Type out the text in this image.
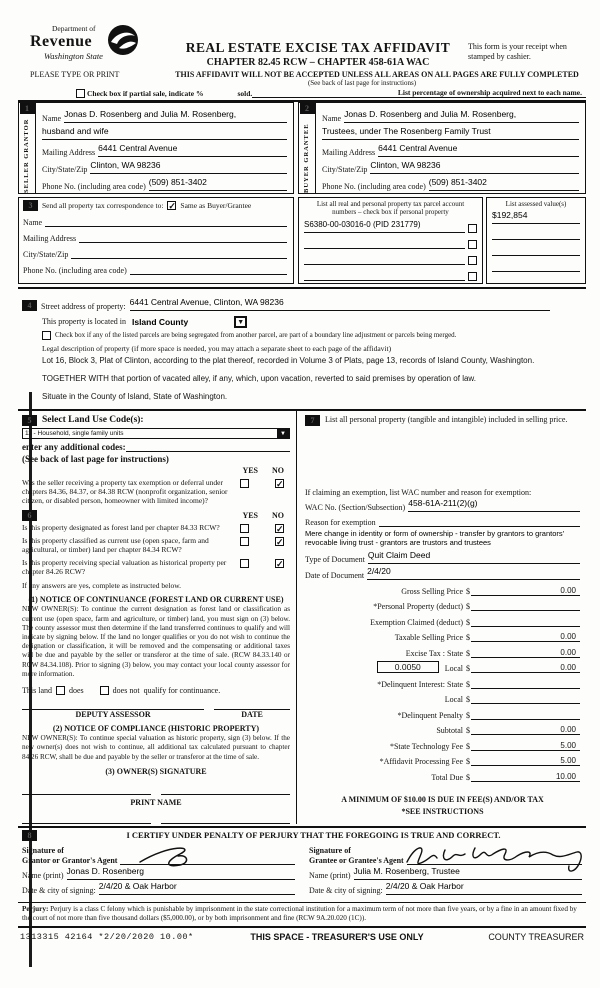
Department of
Revenue
Washington State
REAL ESTATE EXCISE TAX AFFIDAVIT
CHAPTER 82.45 RCW – CHAPTER 458-61A WAC
This form is your receipt when stamped by cashier.
PLEASE TYPE OR PRINT	THIS AFFIDAVIT WILL NOT BE ACCEPTED UNLESS ALL AREAS ON ALL PAGES ARE FULLY COMPLETED
(See back of last page for instructions)
Check box if partial sale, indicate %	sold.	List percentage of ownership acquired next to each name.
1
SELLER GRANTOR
Name Jonas D. Rosenberg and Julia M. Rosenberg,
husband and wife
Mailing Address 6441 Central Avenue
City/State/Zip Clinton, WA 98236
Phone No. (including area code) (509) 851-3402
2
BUYER GRANTEE
Name Jonas D. Rosenberg and Julia M. Rosenberg,
Trustees, under The Rosenberg Family Trust
Mailing Address 6441 Central Avenue
City/State/Zip Clinton, WA 98236
Phone No. (including area code) (509) 851-3402
3	Send all property tax correspondence to: ✓ Same as Buyer/Grantee
Name
Mailing Address
City/State/Zip
Phone No. (including area code)
List all real and personal property tax parcel account
numbers – check box if personal property
S6380-00-03016-0 (PID 231779)
List assessed value(s)
$192,854
4	Street address of property: 6441 Central Avenue, Clinton, WA 98236
This property is located in Island County	▼
Check box if any of the listed parcels are being segregated from another parcel, are part of a boundary line adjustment or parcels being merged.
Legal description of property (if more space is needed, you may attach a separate sheet to each page of the affidavit)
Lot 16, Block 3, Plat of Clinton, according to the plat thereof, recorded in Volume 3 of Plats, page 13, records of Island County, Washington.
TOGETHER WITH that portion of vacated alley, if any, which, upon vacation, reverted to said premises by operation of law.
Situate in the County of Island, State of Washington.
5	Select Land Use Code(s):
11 - Household, single family units	▼
enter any additional codes:
(See back of last page for instructions)
YES NO
Was the seller receiving a property tax exemption or deferral under chapters 84.36, 84.37, or 84.38 RCW (nonprofit organization, senior citizen, or disabled person, homeowner with limited income)?
✓
6	YES NO
Is this property designated as forest land per chapter 84.33 RCW?	✓
Is this property classified as current use (open space, farm and agricultural, or timber) land per chapter 84.34 RCW?
✓
Is this property receiving special valuation as historical property per chapter 84.26 RCW?
✓
If any answers are yes, complete as instructed below.
(1) NOTICE OF CONTINUANCE (FOREST LAND OR CURRENT USE)
NEW OWNER(S): To continue the current designation as forest land or classification as current use (open space, farm and agriculture, or timber) land, you must sign on (3) below. The county assessor must then determine if the land transferred continues to qualify and will indicate by signing below. If the land no longer qualifies or you do not wish to continue the designation or classification, it will be removed and the compensating or additional taxes will be due and payable by the seller or transferor at the time of sale. (RCW 84.33.140 or RCW 84.34.108). Prior to signing (3) below, you may contact your local county assessor for more information.
This land does	does not qualify for continuance.
DEPUTY ASSESSOR	DATE
(2) NOTICE OF COMPLIANCE (HISTORIC PROPERTY)
NEW OWNER(S): To continue special valuation as historic property, sign (3) below. If the new owner(s) does not wish to continue, all additional tax calculated pursuant to chapter 84.26 RCW, shall be due and payable by the seller or transferor at the time of sale.
(3) OWNER(S) SIGNATURE
PRINT NAME
7	List all personal property (tangible and intangible) included in selling price.
If claiming an exemption, list WAC number and reason for exemption:
WAC No. (Section/Subsection) 458-61A-211(2)(g)
Reason for exemption
Mere change in identity or form of ownership - transfer by grantors to grantors'
revocable living trust - grantors are trustors and trustees
Type of Document Quit Claim Deed
Date of Document 2/4/20
Gross Selling Price $	0.00
*Personal Property (deduct) $
Exemption Claimed (deduct) $
Taxable Selling Price $	0.00
Excise Tax : State $	0.00
0.0050	Local $	0.00
*Delinquent Interest: State $
Local $
*Delinquent Penalty $
Subtotal $	0.00
*State Technology Fee $	5.00
*Affidavit Processing Fee $	5.00
Total Due $	10.00
A MINIMUM OF $10.00 IS DUE IN FEE(S) AND/OR TAX
*SEE INSTRUCTIONS
8	I CERTIFY UNDER PENALTY OF PERJURY THAT THE FOREGOING IS TRUE AND CORRECT.
Signature of
Grantor or Grantor's Agent
Name (print) Jonas D. Rosenberg
Date & city of signing: 2/4/20 & Oak Harbor
Signature of
Grantee or Grantee's Agent
Name (print) Julia M. Rosenberg, Trustee
Date & city of signing: 2/4/20 & Oak Harbor
Perjury: Perjury is a class C felony which is punishable by imprisonment in the state correctional institution for a maximum term of not more than five years, or by a fine in an amount fixed by the court of not more than five thousand dollars ($5,000.00), or by both imprisonment and fine (RCW 9A.20.020 (1C)).
1313315 42164 *2/20/2020 10.00*	THIS SPACE - TREASURER'S USE ONLY	COUNTY TREASURER
